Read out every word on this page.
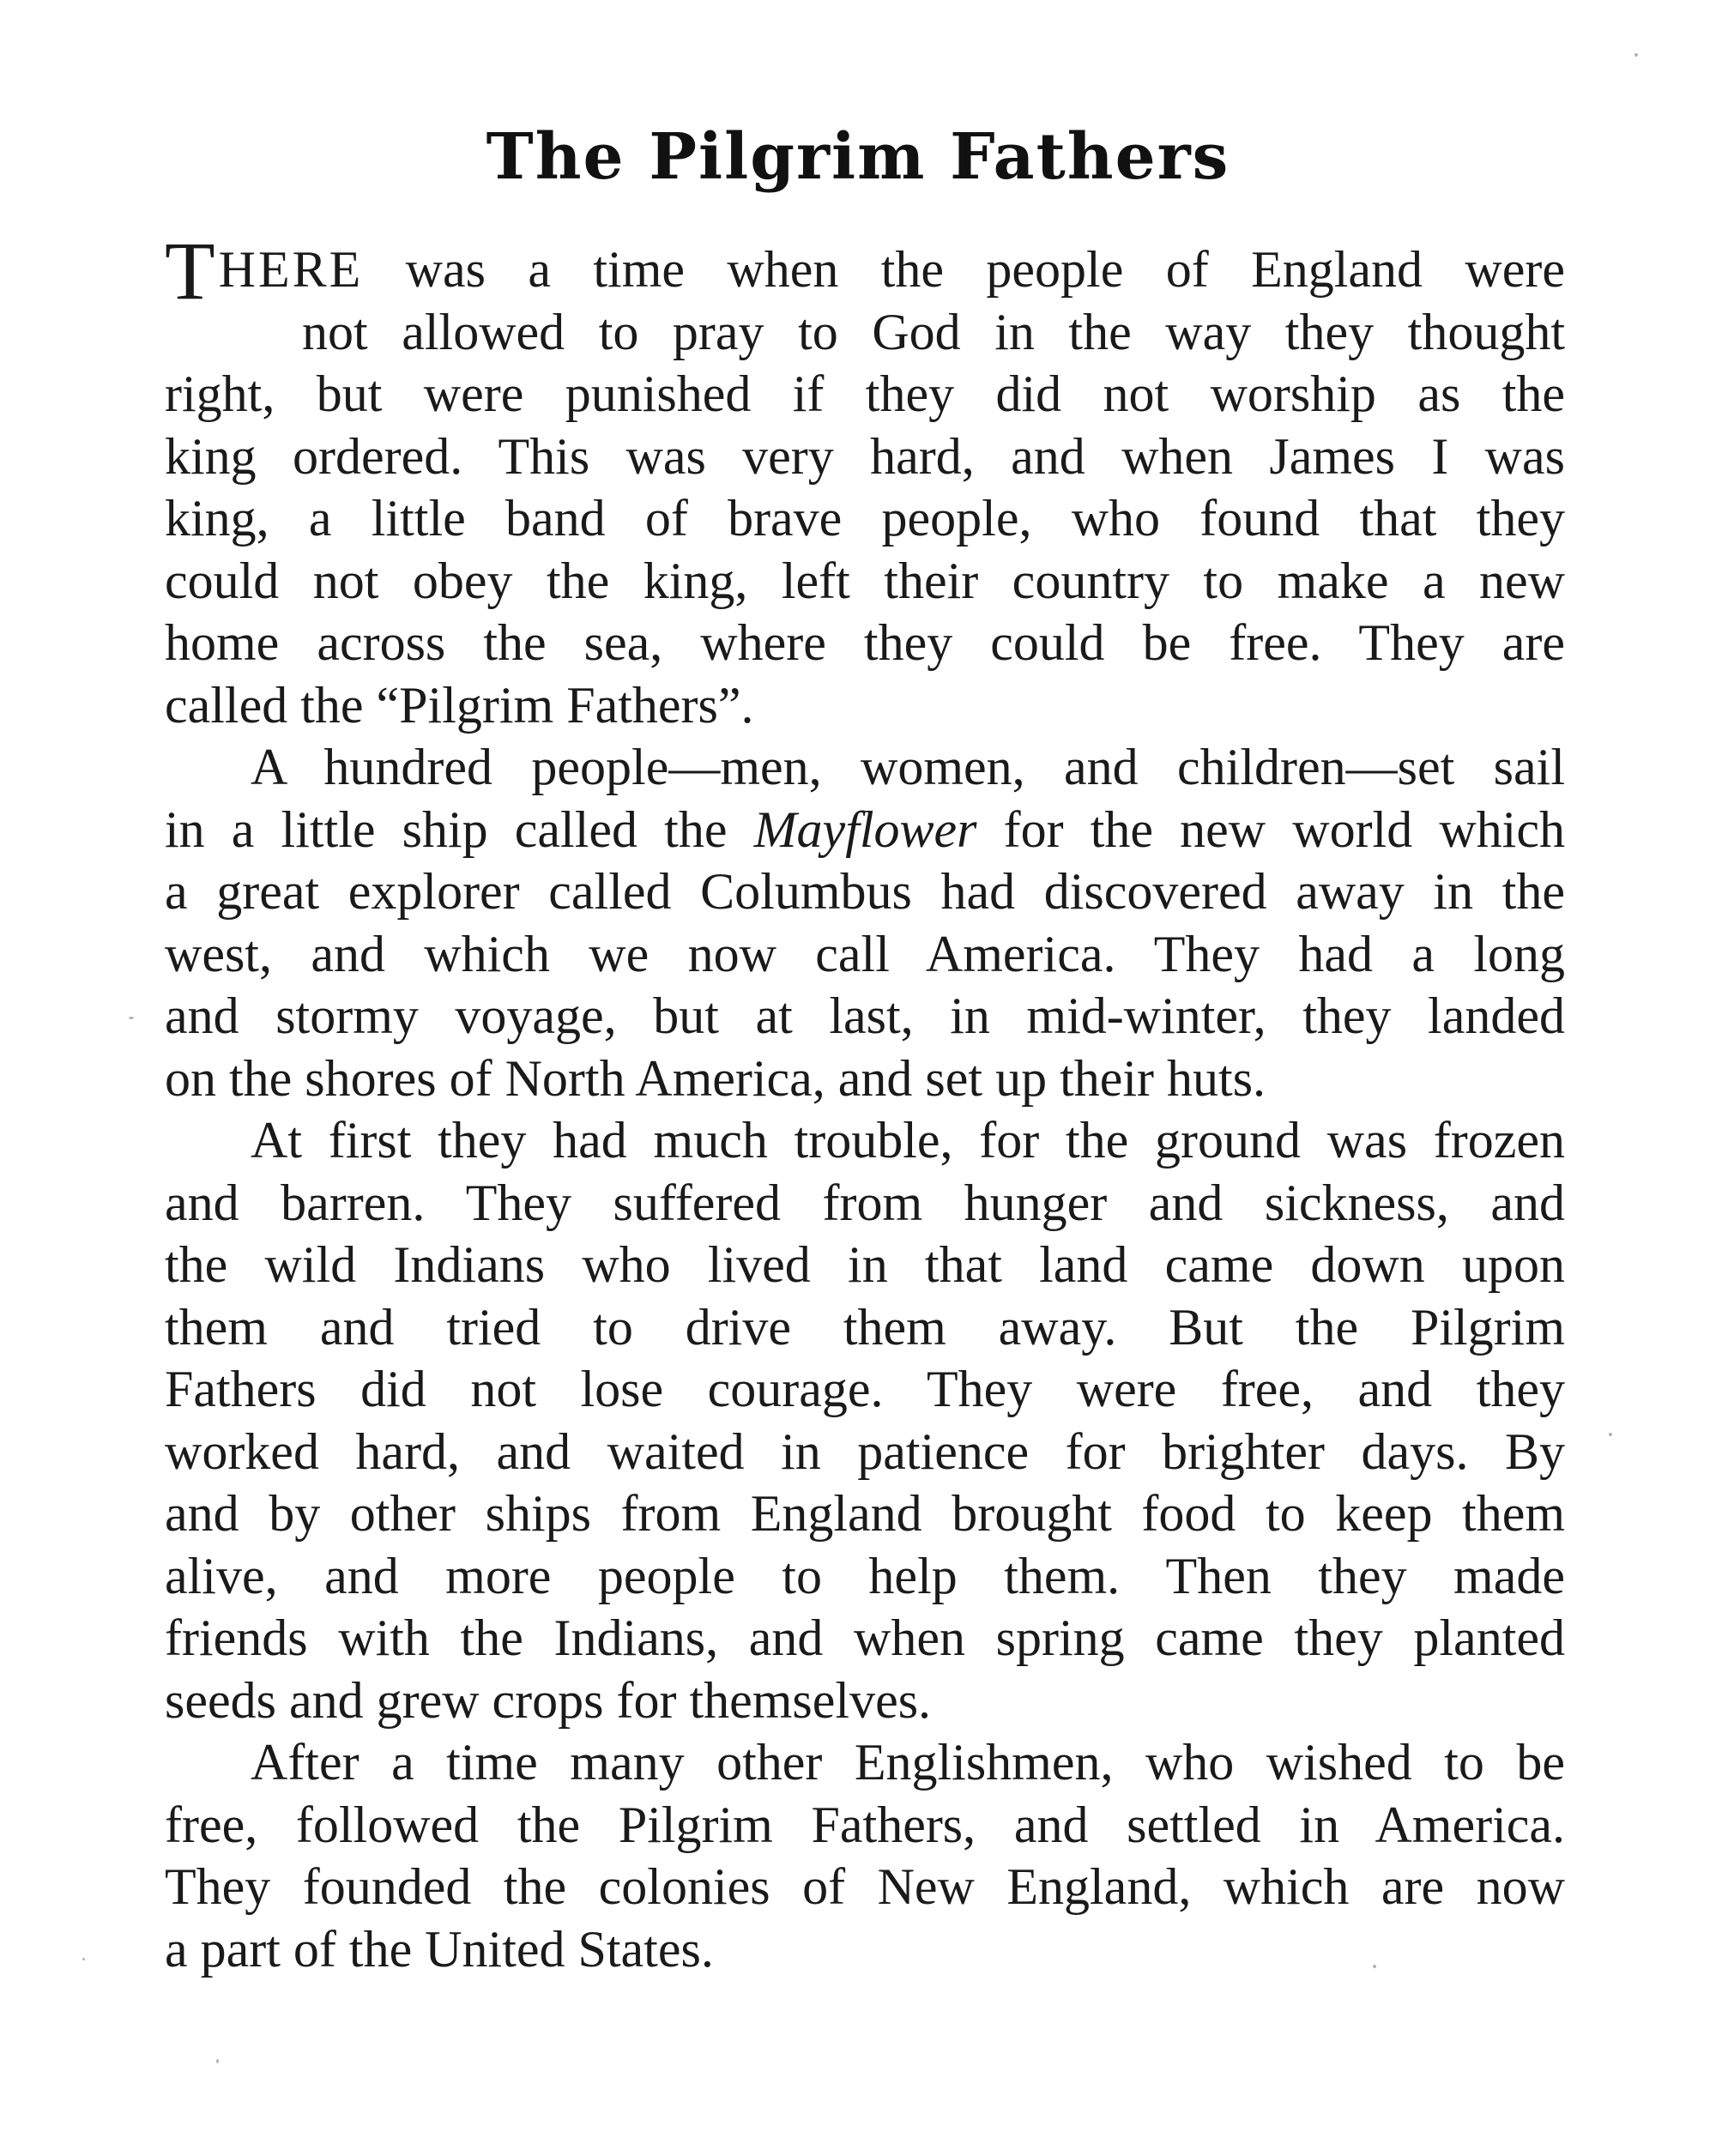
The Pilgrim Fathers
THERE was a time when the people of England were
not allowed to pray to God in the way they thought
right, but were punished if they did not worship as the
king ordered. This was very hard, and when James I was
king, a little band of brave people, who found that they
could not obey the king, left their country to make a new
home across the sea, where they could be free. They are
called the “Pilgrim Fathers”.
A hundred people—men, women, and children—set sail
in a little ship called the Mayflower for the new world which
a great explorer called Columbus had discovered away in the
west, and which we now call America. They had a long
and stormy voyage, but at last, in mid-winter, they landed
on the shores of North America, and set up their huts.
At first they had much trouble, for the ground was frozen
and barren. They suffered from hunger and sickness, and
the wild Indians who lived in that land came down upon
them and tried to drive them away. But the Pilgrim
Fathers did not lose courage. They were free, and they
worked hard, and waited in patience for brighter days. By
and by other ships from England brought food to keep them
alive, and more people to help them. Then they made
friends with the Indians, and when spring came they planted
seeds and grew crops for themselves.
After a time many other Englishmen, who wished to be
free, followed the Pilgrim Fathers, and settled in America.
They founded the colonies of New England, which are now
a part of the United States.
